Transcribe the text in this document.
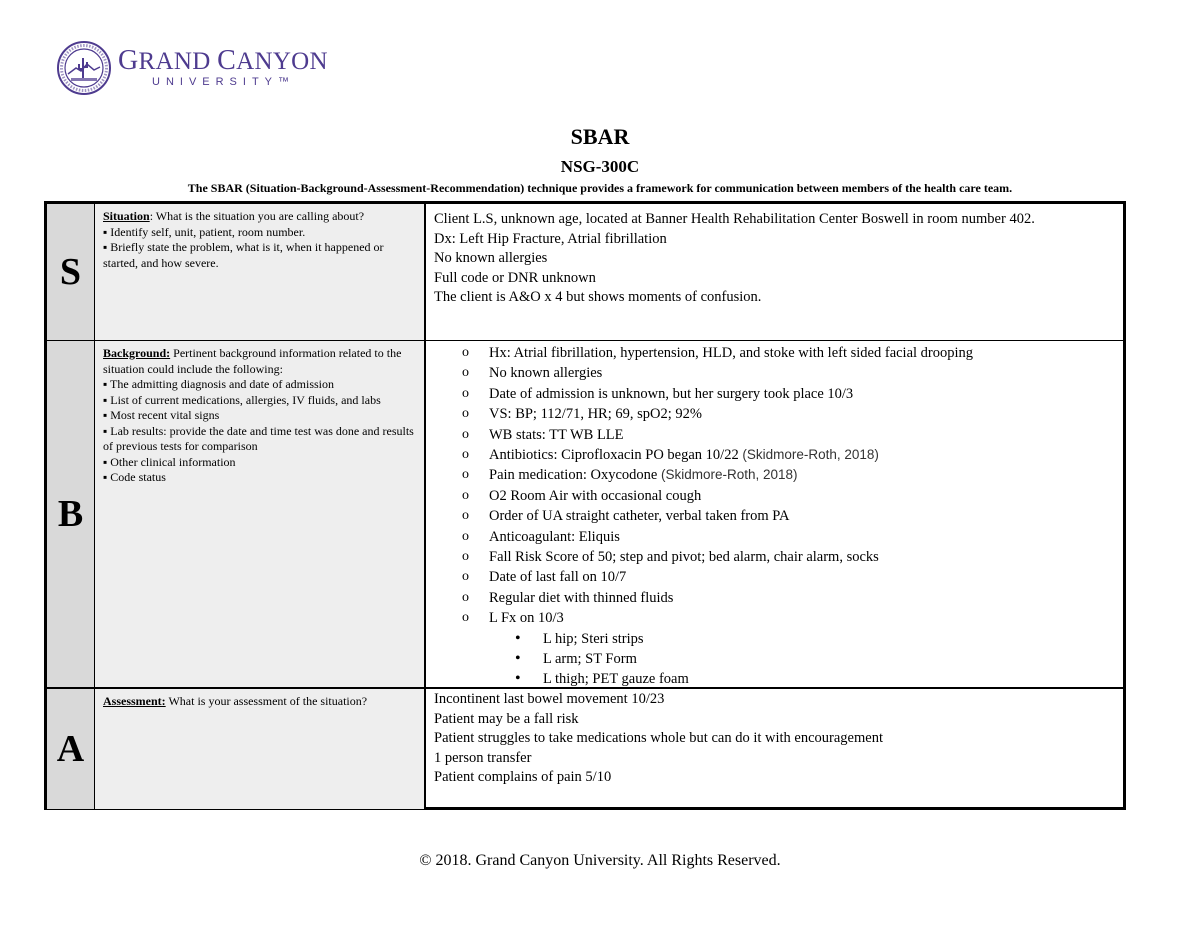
GRAND CANYON
UNIVERSITY™
SBAR
NSG-300C
The SBAR (Situation-Background-Assessment-Recommendation) technique provides a framework for communication between members of the health care team.
S
Situation: What is the situation you are calling about?
▪ Identify self, unit, patient, room number.
▪ Briefly state the problem, what is it, when it happened or started, and how severe.
Client L.S, unknown age, located at Banner Health Rehabilitation Center Boswell in room number 402.
Dx: Left Hip Fracture, Atrial fibrillation
No known allergies
Full code or DNR unknown
The client is A&O x 4 but shows moments of confusion.
B
Background: Pertinent background information related to the situation could include the following:
▪ The admitting diagnosis and date of admission
▪ List of current medications, allergies, IV fluids, and labs
▪ Most recent vital signs
▪ Lab results: provide the date and time test was done and results of previous tests for comparison
▪ Other clinical information
▪ Code status
o Hx: Atrial fibrillation, hypertension, HLD, and stoke with left sided facial drooping
o No known allergies
o Date of admission is unknown, but her surgery took place 10/3
o VS: BP; 112/71, HR; 69, spO2; 92%
o WB stats: TT WB LLE
o Antibiotics: Ciprofloxacin PO began 10/22 (Skidmore-Roth, 2018)
o Pain medication: Oxycodone (Skidmore-Roth, 2018)
o O2 Room Air with occasional cough
o Order of UA straight catheter, verbal taken from PA
o Anticoagulant: Eliquis
o Fall Risk Score of 50; step and pivot; bed alarm, chair alarm, socks
o Date of last fall on 10/7
o Regular diet with thinned fluids
o L Fx on 10/3
• L hip; Steri strips
• L arm; ST Form
• L thigh; PET gauze foam
A
Assessment: What is your assessment of the situation?	Incontinent last bowel movement 10/23
Patient may be a fall risk
Patient struggles to take medications whole but can do it with encouragement
1 person transfer
Patient complains of pain 5/10
© 2018. Grand Canyon University. All Rights Reserved.
